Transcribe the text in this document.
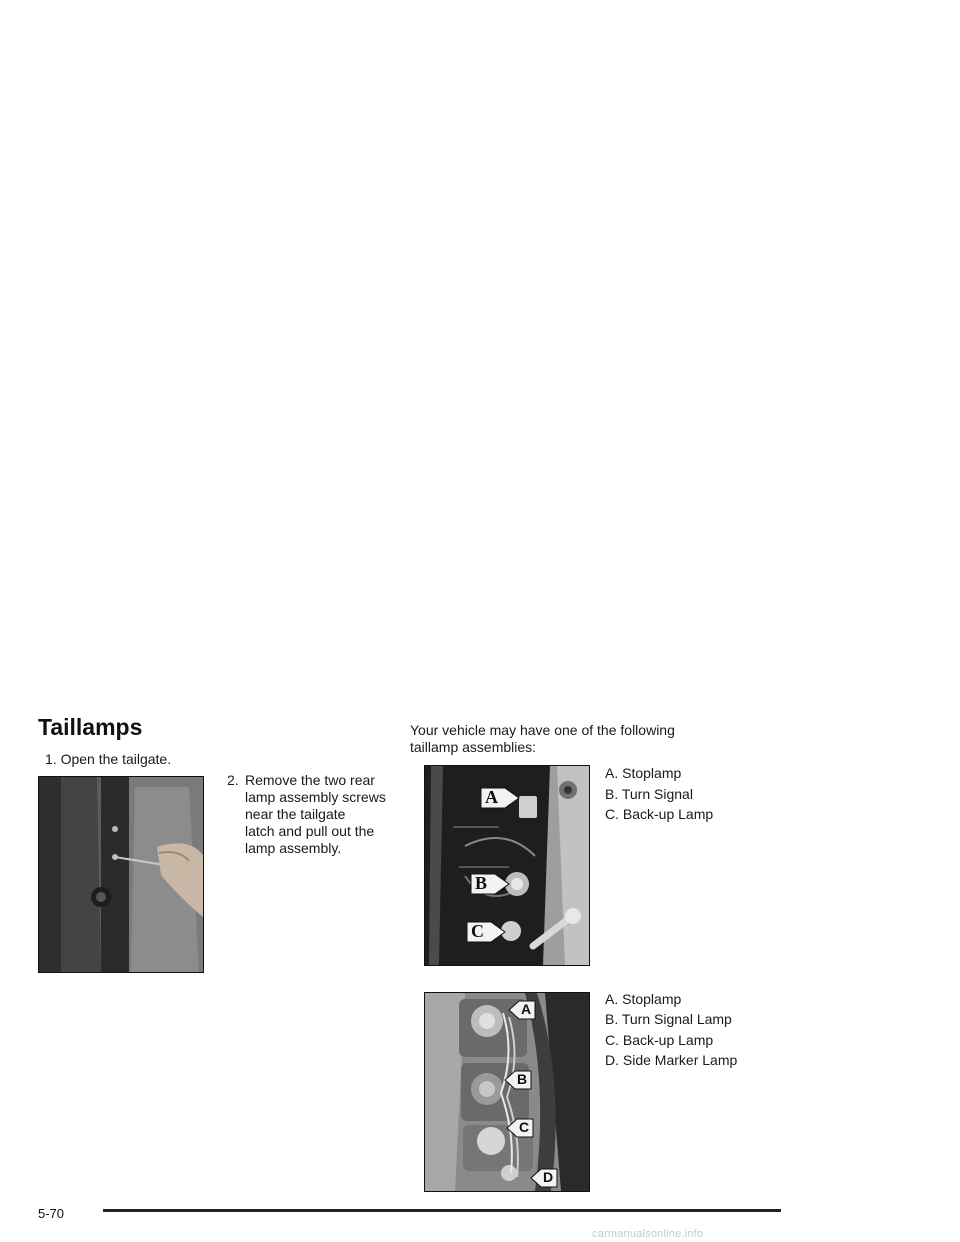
Taillamps
1. Open the tailgate.
2. Remove the two rear
lamp assembly screws
near the tailgate
latch and pull out the
lamp assembly.
Your vehicle may have one of the following
taillamp assemblies:
A
B
C
A. Stoplamp
B. Turn Signal
C. Back-up Lamp
A
B
C
D
A. Stoplamp
B. Turn Signal Lamp
C. Back-up Lamp
D. Side Marker Lamp
5-70
carmanualsonline.info
